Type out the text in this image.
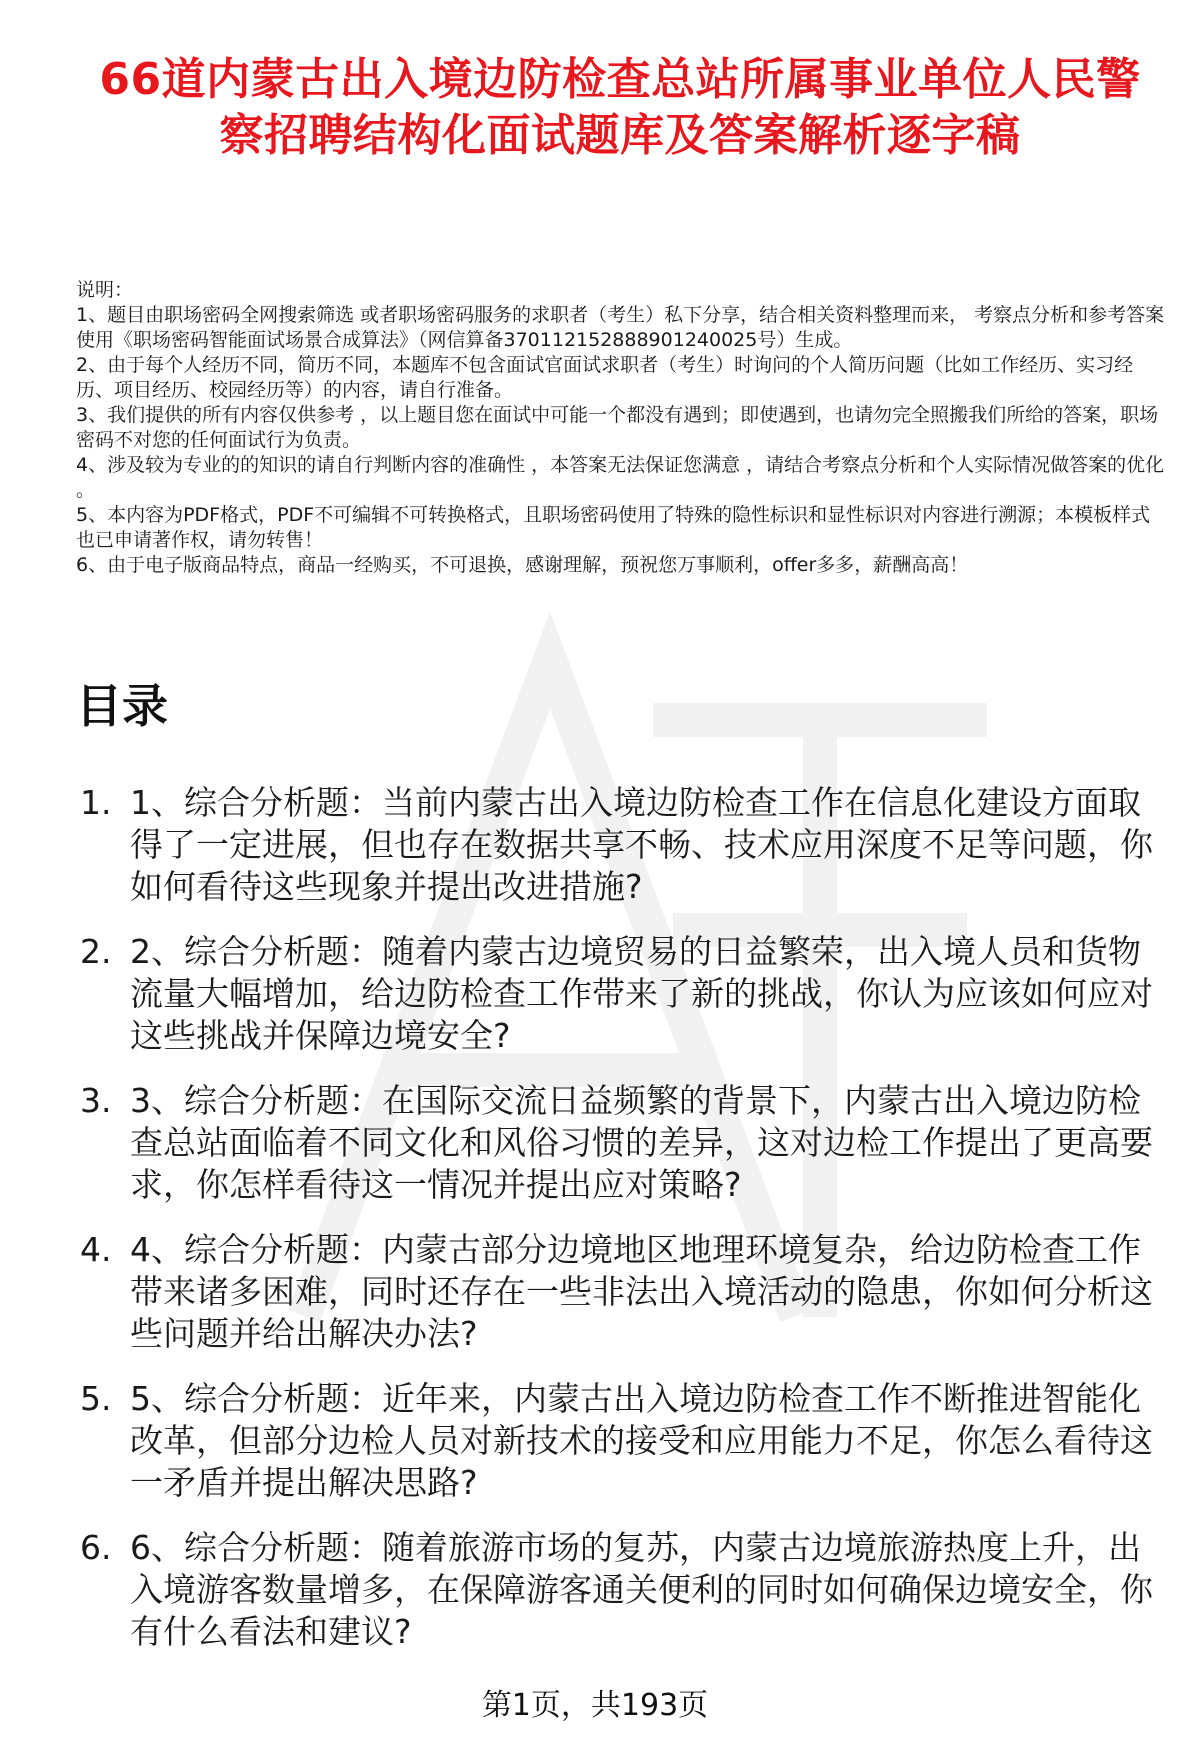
66道内蒙古出入境边防检查总站所属事业单位人民警察招聘结构化面试题库及答案解析逐字稿

说明：

1、题目由职场密码全网搜索筛选 或者职场密码服务的求职者（考生）私下分享，结合相关资料整理而来， 考察点分析和参考答案使用《职场密码智能面试场景合成算法》（网信算备370112152888901240025号）生成。

2、由于每个人经历不同，简历不同，本题库不包含面试官面试求职者（考生）时询问的个人简历问题（比如工作经历、实习经历、项目经历、校园经历等）的内容，请自行准备。

3、我们提供的所有内容仅供参考 ，以上题目您在面试中可能一个都没有遇到；即使遇到，也请勿完全照搬我们所给的答案，职场密码不对您的任何面试行为负责。

4、涉及较为专业的的知识的请自行判断内容的准确性 ，本答案无法保证您满意 ，请结合考察点分析和个人实际情况做答案的优化 。

5、本内容为PDF格式，PDF不可编辑不可转换格式，且职场密码使用了特殊的隐性标识和显性标识对内容进行溯源；本模板样式也已申请著作权，请勿转售！

6、由于电子版商品特点，商品一经购买，不可退换，感谢理解，预祝您万事顺利，offer多多，薪酬高高！

目录
1. 1、综合分析题：当前内蒙古出入境边防检查工作在信息化建设方面取得了一定进展，但也存在数据共享不畅、技术应用深度不足等问题，你如何看待这些现象并提出改进措施?
2. 2、综合分析题：随着内蒙古边境贸易的日益繁荣，出入境人员和货物流量大幅增加，给边防检查工作带来了新的挑战，你认为应该如何应对这些挑战并保障边境安全?
3. 3、综合分析题：在国际交流日益频繁的背景下，内蒙古出入境边防检查总站面临着不同文化和风俗习惯的差异，这对边检工作提出了更高要求，你怎样看待这一情况并提出应对策略?
4. 4、综合分析题：内蒙古部分边境地区地理环境复杂，给边防检查工作带来诸多困难，同时还存在一些非法出入境活动的隐患，你如何分析这些问题并给出解决办法?
5. 5、综合分析题：近年来，内蒙古出入境边防检查工作不断推进智能化改革，但部分边检人员对新技术的接受和应用能力不足，你怎么看待这一矛盾并提出解决思路?
6. 6、综合分析题：随着旅游市场的复苏，内蒙古边境旅游热度上升，出入境游客数量增多，在保障游客通关便利的同时如何确保边境安全，你有什么看法和建议?
第1页，共193页
